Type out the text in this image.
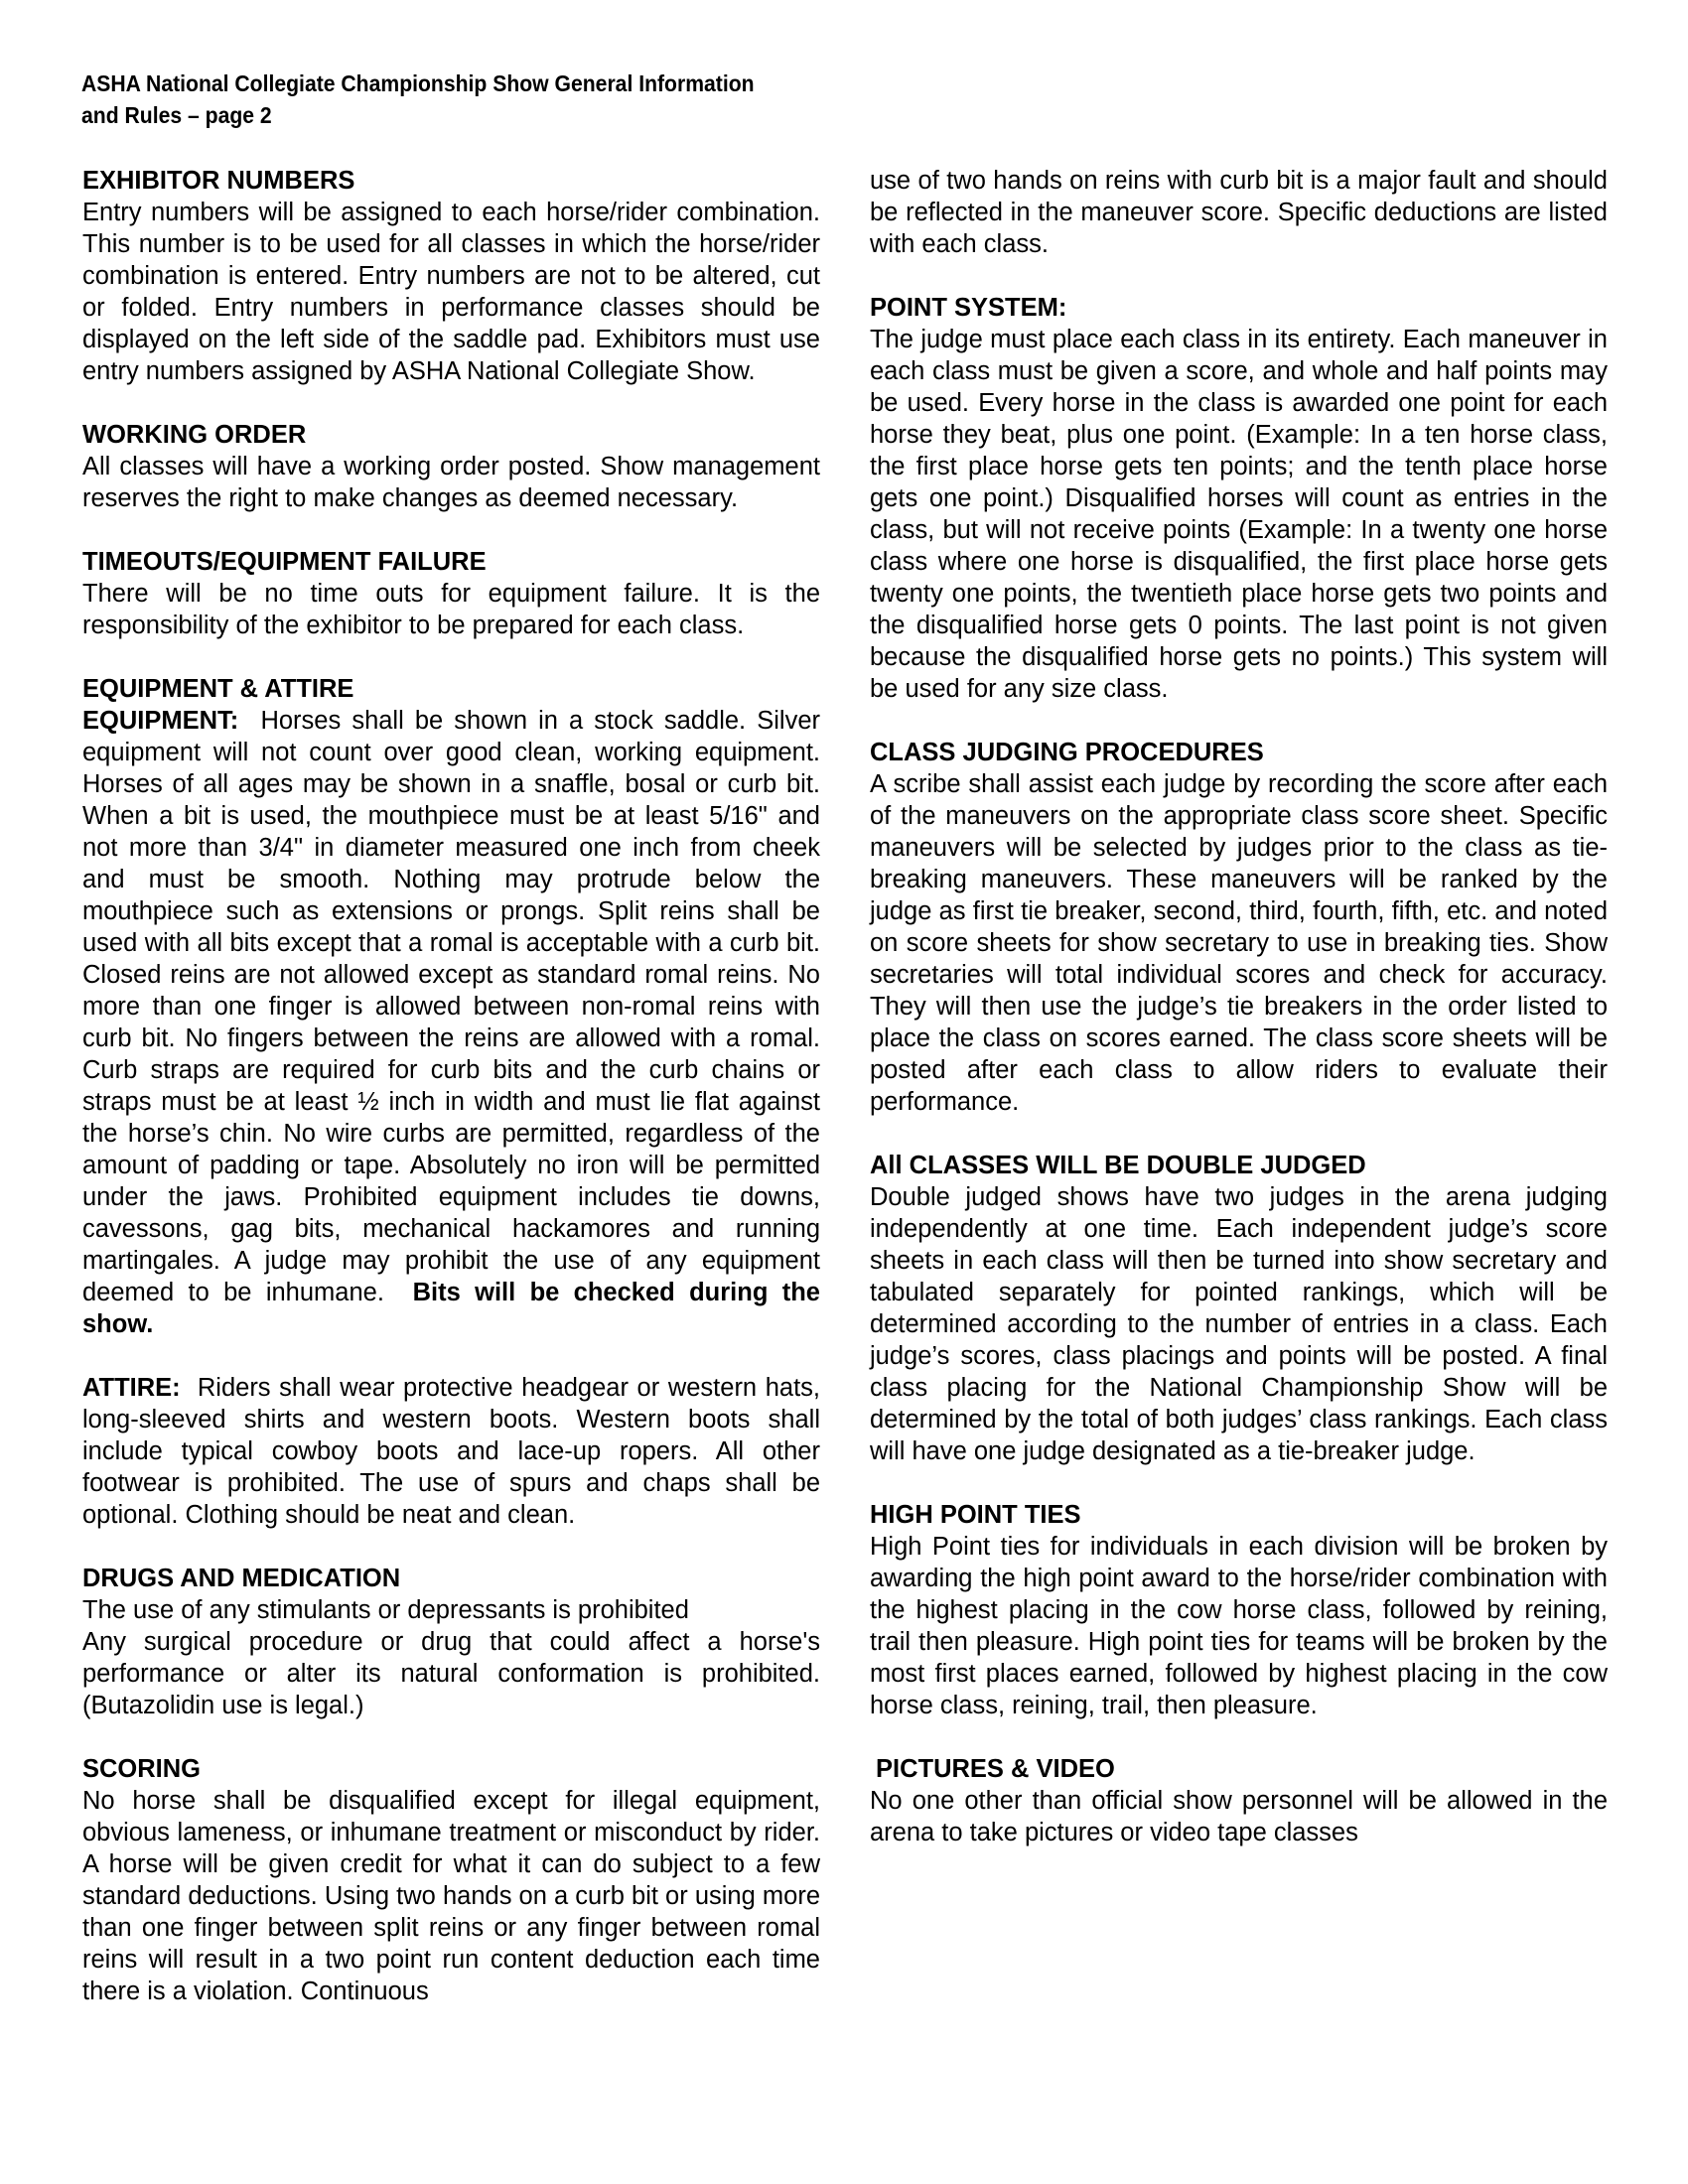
ASHA National Collegiate Championship Show General Information
and Rules – page 2
EXHIBITOR NUMBERS

Entry numbers will be assigned to each horse/rider combination. This number is to be used for all classes in which the horse/rider combination is entered. Entry numbers are not to be altered, cut or folded. Entry numbers in performance classes should be displayed on the left side of the saddle pad. Exhibitors must use entry numbers assigned by ASHA National Collegiate Show.

WORKING ORDER

All classes will have a working order posted. Show management reserves the right to make changes as deemed necessary.

TIMEOUTS/EQUIPMENT FAILURE

There will be no time outs for equipment failure. It is the responsibility of the exhibitor to be prepared for each class.

EQUIPMENT & ATTIRE

EQUIPMENT: Horses shall be shown in a stock saddle. Silver equipment will not count over good clean, working equipment. Horses of all ages may be shown in a snaffle, bosal or curb bit. When a bit is used, the mouthpiece must be at least 5/16" and not more than 3/4" in diameter measured one inch from cheek and must be smooth. Nothing may protrude below the mouthpiece such as extensions or prongs. Split reins shall be used with all bits except that a romal is acceptable with a curb bit. Closed reins are not allowed except as standard romal reins. No more than one finger is allowed between non-romal reins with curb bit. No fingers between the reins are allowed with a romal. Curb straps are required for curb bits and the curb chains or straps must be at least ½ inch in width and must lie flat against the horse’s chin. No wire curbs are permitted, regardless of the amount of padding or tape. Absolutely no iron will be permitted under the jaws. Prohibited equipment includes tie downs, cavessons, gag bits, mechanical hackamores and running martingales. A judge may prohibit the use of any equipment deemed to be inhumane. Bits will be checked during the show.

ATTIRE: Riders shall wear protective headgear or western hats, long-sleeved shirts and western boots. Western boots shall include typical cowboy boots and lace-up ropers. All other footwear is prohibited. The use of spurs and chaps shall be optional. Clothing should be neat and clean.

DRUGS AND MEDICATION

The use of any stimulants or depressants is prohibited

Any surgical procedure or drug that could affect a horse's performance or alter its natural conformation is prohibited. (Butazolidin use is legal.)

SCORING

No horse shall be disqualified except for illegal equipment, obvious lameness, or inhumane treatment or misconduct by rider. A horse will be given credit for what it can do subject to a few standard deductions. Using two hands on a curb bit or using more than one finger between split reins or any finger between romal reins will result in a two point run content deduction each time there is a violation. Continuous

use of two hands on reins with curb bit is a major fault and should be reflected in the maneuver score. Specific deductions are listed with each class.

POINT SYSTEM:

The judge must place each class in its entirety. Each maneuver in each class must be given a score, and whole and half points may be used. Every horse in the class is awarded one point for each horse they beat, plus one point. (Example: In a ten horse class, the first place horse gets ten points; and the tenth place horse gets one point.) Disqualified horses will count as entries in the class, but will not receive points (Example: In a twenty one horse class where one horse is disqualified, the first place horse gets twenty one points, the twentieth place horse gets two points and the disqualified horse gets 0 points. The last point is not given because the disqualified horse gets no points.) This system will be used for any size class.

CLASS JUDGING PROCEDURES

A scribe shall assist each judge by recording the score after each of the maneuvers on the appropriate class score sheet. Specific maneuvers will be selected by judges prior to the class as tie-breaking maneuvers. These maneuvers will be ranked by the judge as first tie breaker, second, third, fourth, fifth, etc. and noted on score sheets for show secretary to use in breaking ties. Show secretaries will total individual scores and check for accuracy. They will then use the judge’s tie breakers in the order listed to place the class on scores earned. The class score sheets will be posted after each class to allow riders to evaluate their performance.

All CLASSES WILL BE DOUBLE JUDGED

Double judged shows have two judges in the arena judging independently at one time. Each independent judge’s score sheets in each class will then be turned into show secretary and tabulated separately for pointed rankings, which will be determined according to the number of entries in a class. Each judge’s scores, class placings and points will be posted. A final class placing for the National Championship Show will be determined by the total of both judges’ class rankings. Each class will have one judge designated as a tie-breaker judge.

HIGH POINT TIES

High Point ties for individuals in each division will be broken by awarding the high point award to the horse/rider combination with the highest placing in the cow horse class, followed by reining, trail then pleasure. High point ties for teams will be broken by the most first places earned, followed by highest placing in the cow horse class, reining, trail, then pleasure.

PICTURES & VIDEO

No one other than official show personnel will be allowed in the arena to take pictures or video tape classes
